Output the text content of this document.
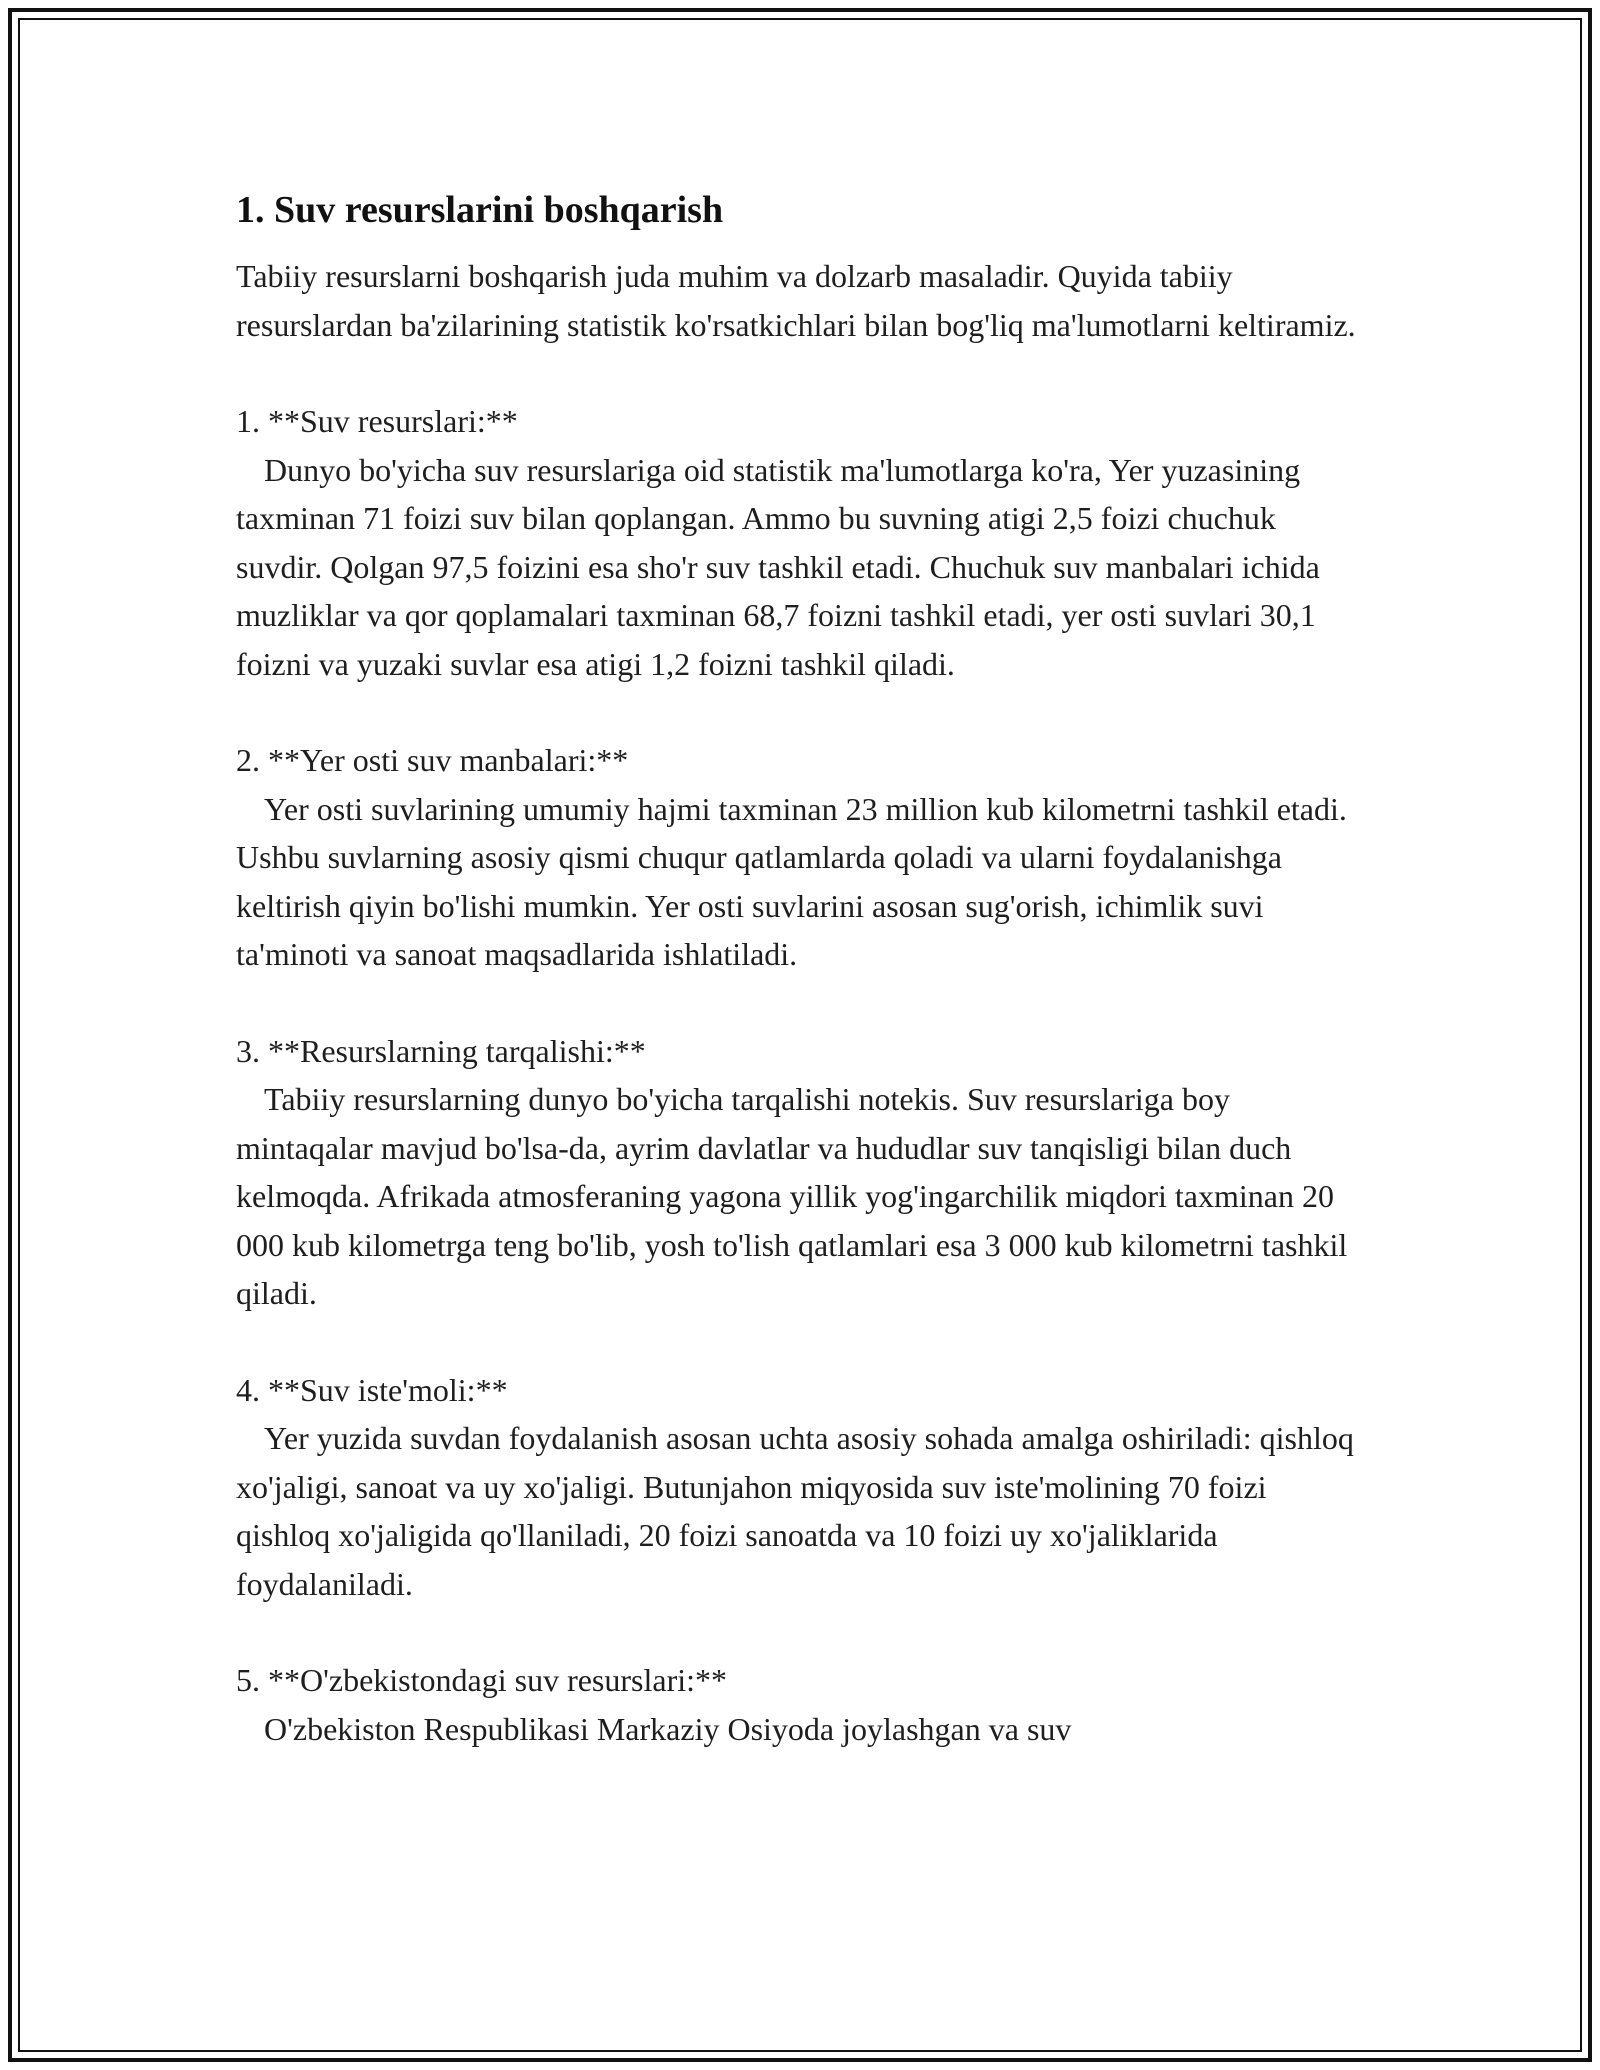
1. Suv resurslarini boshqarish

Tabiiy resurslarni boshqarish juda muhim va dolzarb masaladir. Quyida tabiiy resurslardan ba'zilarining statistik ko'rsatkichlari bilan bog'liq ma'lumotlarni keltiramiz.

1. **Suv resurslari:**

Dunyo bo'yicha suv resurslariga oid statistik ma'lumotlarga ko'ra, Yer yuzasining taxminan 71 foizi suv bilan qoplangan. Ammo bu suvning atigi 2,5 foizi chuchuk suvdir. Qolgan 97,5 foizini esa sho'r suv tashkil etadi. Chuchuk suv manbalari ichida muzliklar va qor qoplamalari taxminan 68,7 foizni tashkil etadi, yer osti suvlari 30,1 foizni va yuzaki suvlar esa atigi 1,2 foizni tashkil qiladi.

2. **Yer osti suv manbalari:**

Yer osti suvlarining umumiy hajmi taxminan 23 million kub kilometrni tashkil etadi. Ushbu suvlarning asosiy qismi chuqur qatlamlarda qoladi va ularni foydalanishga keltirish qiyin bo'lishi mumkin. Yer osti suvlarini asosan sug'orish, ichimlik suvi ta'minoti va sanoat maqsadlarida ishlatiladi.

3. **Resurslarning tarqalishi:**

Tabiiy resurslarning dunyo bo'yicha tarqalishi notekis. Suv resurslariga boy mintaqalar mavjud bo'lsa-da, ayrim davlatlar va hududlar suv tanqisligi bilan duch kelmoqda. Afrikada atmosferaning yagona yillik yog'ingarchilik miqdori taxminan 20 000 kub kilometrga teng bo'lib, yosh to'lish qatlamlari esa 3 000 kub kilometrni tashkil qiladi.

4. **Suv iste'moli:**

Yer yuzida suvdan foydalanish asosan uchta asosiy sohada amalga oshiriladi: qishloq xo'jaligi, sanoat va uy xo'jaligi. Butunjahon miqyosida suv iste'molining 70 foizi qishloq xo'jaligida qo'llaniladi, 20 foizi sanoatda va 10 foizi uy xo'jaliklarida foydalaniladi.

5. **O'zbekistondagi suv resurslari:**

O'zbekiston Respublikasi Markaziy Osiyoda joylashgan va suv
